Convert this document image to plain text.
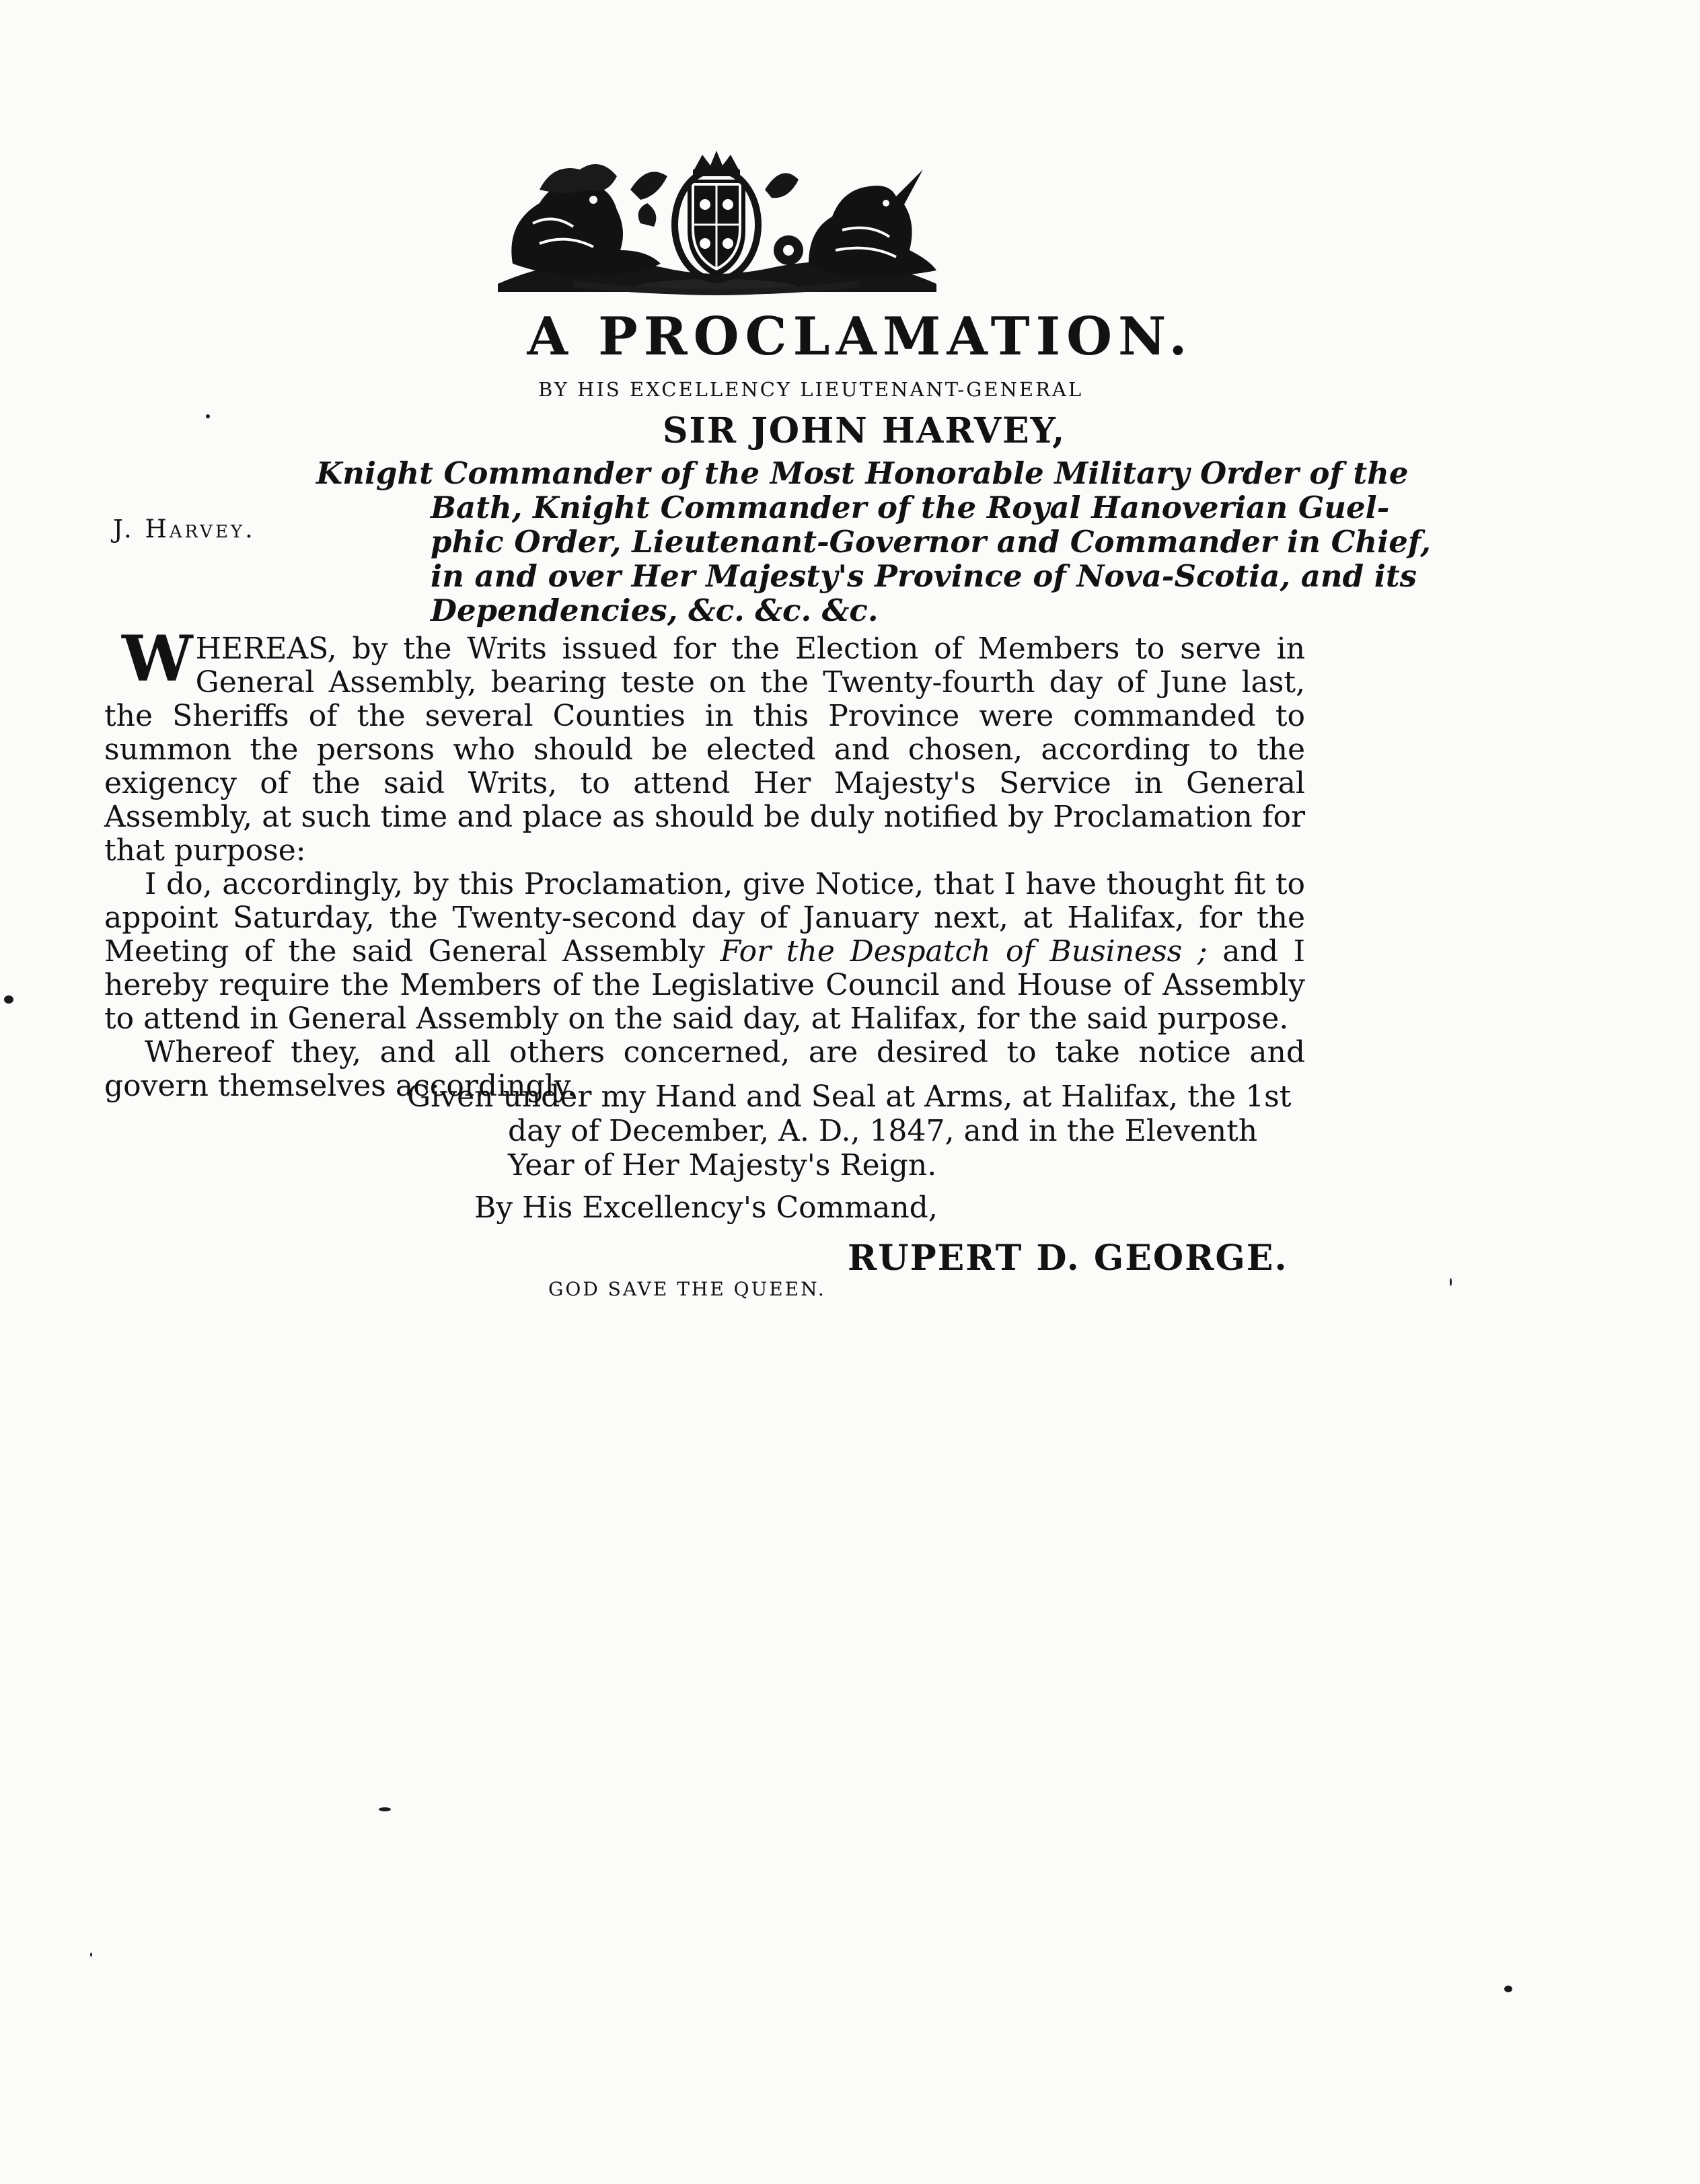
A PROCLAMATION.
BY HIS EXCELLENCY LIEUTENANT-GENERAL
SIR JOHN HARVEY,
Knight Commander of the Most Honorable Military Order of the
Bath, Knight Commander of the Royal Hanoverian Guel-
phic Order, Lieutenant-Governor and Commander in Chief,
in and over Her Majesty's Province of Nova-Scotia, and its
Dependencies, &c. &c. &c.
J. Harvey.

WHEREAS, by the Writs issued for the Election of Members to serve in General Assembly, bearing teste on the Twenty-fourth day of June last, the Sheriffs of the several Counties in this Province were commanded to summon the persons who should be elected and chosen, according to the exigency of the said Writs, to attend Her Majesty's Service in General Assembly, at such time and place as should be duly notified by Proclamation for that purpose:

I do, accordingly, by this Proclamation, give Notice, that I have thought fit to appoint Saturday, the Twenty-second day of January next, at Halifax, for the Meeting of the said General Assembly For the Despatch of Business ; and I hereby require the Members of the Legislative Council and House of Assembly to attend in General Assembly on the said day, at Halifax, for the said purpose.

Whereof they, and all others concerned, are desired to take notice and govern themselves accordingly.

Given under my Hand and Seal at Arms, at Halifax, the 1st
day of December, A. D., 1847, and in the Eleventh
Year of Her Majesty's Reign.
By His Excellency's Command,
RUPERT D. GEORGE.
GOD SAVE THE QUEEN.
